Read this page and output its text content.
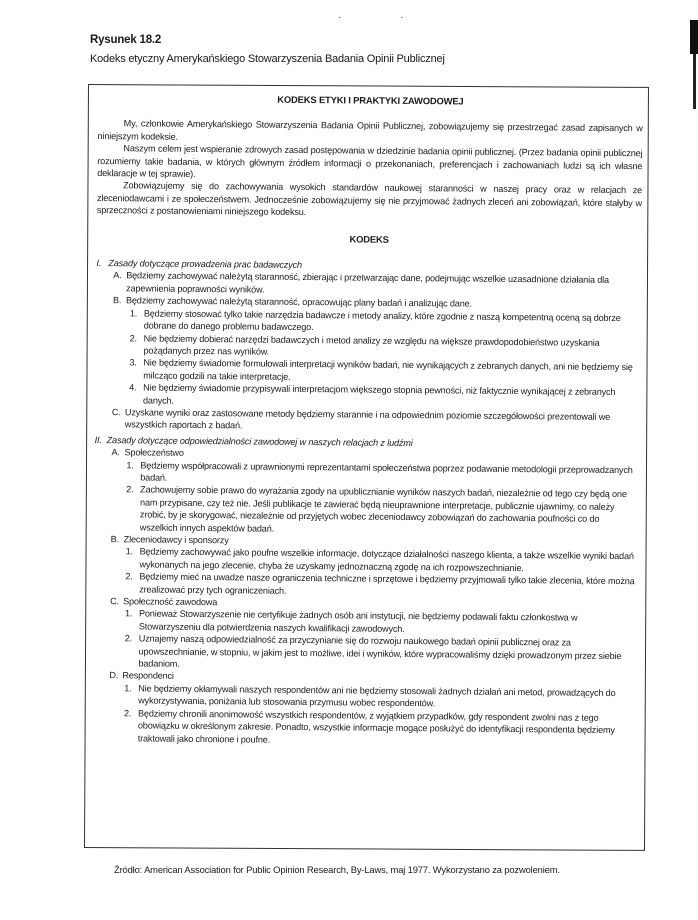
· ·
Rysunek 18.2
Kodeks etyczny Amerykańskiego Stowarzyszenia Badania Opinii Publicznej
KODEKS ETYKI I PRAKTYKI ZAWODOWEJ

My, członkowie Amerykańskiego Stowarzyszenia Badania Opinii Publicznej, zobowiązujemy się przestrzegać zasad zapisanych w niniejszym kodeksie.

Naszym celem jest wspieranie zdrowych zasad postępowania w dziedzinie badania opinii publicznej. (Przez badania opinii publicznej rozumiemy takie badania, w których głównym źródłem informacji o przekonaniach, preferencjach i zachowaniach ludzi są ich własne deklaracje w tej sprawie).

Zobowiązujemy się do zachowywania wysokich standardów naukowej staranności w naszej pracy oraz w relacjach ze zleceniodawcami i ze społeczeństwem. Jednocześnie zobowiązujemy się nie przyjmować żadnych zleceń ani zobowiązań, które stałyby w sprzeczności z postanowieniami niniejszego kodeksu.

KODEKS
I. Zasady dotyczące prowadzenia prac badawczych
A. Będziemy zachowywać należytą staranność, zbierając i przetwarzając dane, podejmując wszelkie uzasadnione działania dla zapewnienia poprawności wyników.
B. Będziemy zachowywać należytą staranność, opracowując plany badań i analizując dane.
1. Będziemy stosować tylko takie narzędzia badawcze i metody analizy, które zgodnie z naszą kompetentną oceną są dobrze dobrane do danego problemu badawczego.
2. Nie będziemy dobierać narzędzi badawczych i metod analizy ze względu na większe prawdopodobieństwo uzyskania pożądanych przez nas wyników.
3. Nie będziemy świadomie formułowali interpretacji wyników badań, nie wynikających z zebranych danych, ani nie będziemy się milcząco godzili na takie interpretacje.
4. Nie będziemy świadomie przypisywali interpretacjom większego stopnia pewności, niż faktycznie wynikającej z zebranych danych.
C. Uzyskane wyniki oraz zastosowane metody będziemy starannie i na odpowiednim poziomie szczegółowości prezentowali we wszystkich raportach z badań.
II. Zasady dotyczące odpowiedzialności zawodowej w naszych relacjach z ludźmi
A. Społeczeństwo
1. Będziemy współpracowali z uprawnionymi reprezentantami społeczeństwa poprzez podawanie metodologii przeprowadzanych badań.
2. Zachowujemy sobie prawo do wyrażania zgody na upublicznianie wyników naszych badań, niezależnie od tego czy będą one nam przypisane, czy też nie. Jeśli publikacje te zawierać będą nieuprawnione interpretacje, publicznie ujawnimy, co należy zrobić, by je skorygować, niezależnie od przyjętych wobec zleceniodawcy zobowiązań do zachowania poufności co do wszelkich innych aspektów badań.
B. Zleceniodawcy i sponsorzy
1. Będziemy zachowywać jako poufne wszelkie informacje, dotyczące działalności naszego klienta, a także wszelkie wyniki badań wykonanych na jego zlecenie, chyba że uzyskamy jednoznaczną zgodę na ich rozpowszechnianie.
2. Będziemy mieć na uwadze nasze ograniczenia techniczne i sprzętowe i będziemy przyjmowali tylko takie zlecenia, które można zrealizować przy tych ograniczeniach.
C. Społeczność zawodowa
1. Ponieważ Stowarzyszenie nie certyfikuje żadnych osób ani instytucji, nie będziemy podawali faktu członkostwa w Stowarzyszeniu dla potwierdzenia naszych kwalifikacji zawodowych.
2. Uznajemy naszą odpowiedzialność za przyczynianie się do rozwoju naukowego badań opinii publicznej oraz za upowszechnianie, w stopniu, w jakim jest to możliwe, idei i wyników, które wypracowaliśmy dzięki prowadzonym przez siebie badaniom.
D. Respondenci
1. Nie będziemy okłamywali naszych respondentów ani nie będziemy stosowali żadnych działań ani metod, prowadzących do wykorzystywania, poniżania lub stosowania przymusu wobec respondentów.
2. Będziemy chronili anonimowość wszystkich respondentów, z wyjątkiem przypadków, gdy respondent zwolni nas z tego obowiązku w określonym zakresie. Ponadto, wszystkie informacje mogące posłużyć do identyfikacji respondenta będziemy traktowali jako chronione i poufne.
Źródło: American Association for Public Opinion Research, By-Laws, maj 1977. Wykorzystano za pozwoleniem.
